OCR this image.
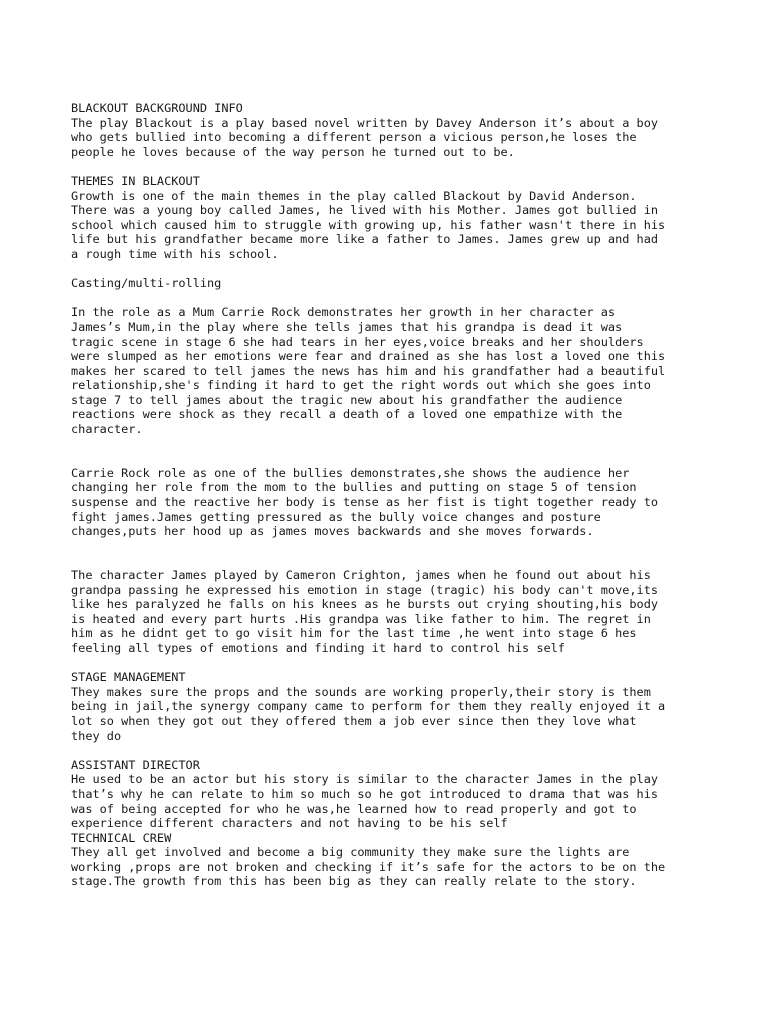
BLACKOUT BACKGROUND INFO

The play Blackout is a play based novel written by Davey Anderson it’s about a boy
who gets bullied into becoming a different person a vicious person,he loses the
people he loves because of the way person he turned out to be.

THEMES IN BLACKOUT

Growth is one of the main themes in the play called Blackout by David Anderson.
There was a young boy called James, he lived with his Mother. James got bullied in
school which caused him to struggle with growing up, his father wasn't there in his
life but his grandfather became more like a father to James. James grew up and had
a rough time with his school.

Casting/multi-rolling

In the role as a Mum Carrie Rock demonstrates her growth in her character as
James’s Mum,in the play where she tells james that his grandpa is dead it was
tragic scene in stage 6 she had tears in her eyes,voice breaks and her shoulders
were slumped as her emotions were fear and drained as she has lost a loved one this
makes her scared to tell james the news has him and his grandfather had a beautiful
relationship,she's finding it hard to get the right words out which she goes into
stage 7 to tell james about the tragic new about his grandfather the audience
reactions were shock as they recall a death of a loved one empathize with the
character.

Carrie Rock role as one of the bullies demonstrates,she shows the audience her
changing her role from the mom to the bullies and putting on stage 5 of tension
suspense and the reactive her body is tense as her fist is tight together ready to
fight james.James getting pressured as the bully voice changes and posture
changes,puts her hood up as james moves backwards and she moves forwards.

The character James played by Cameron Crighton, james when he found out about his
grandpa passing he expressed his emotion in stage (tragic) his body can't move,its
like hes paralyzed he falls on his knees as he bursts out crying shouting,his body
is heated and every part hurts .His grandpa was like father to him. The regret in
him as he didnt get to go visit him for the last time ,he went into stage 6 hes
feeling all types of emotions and finding it hard to control his self

STAGE MANAGEMENT

They makes sure the props and the sounds are working properly,their story is them
being in jail,the synergy company came to perform for them they really enjoyed it a
lot so when they got out they offered them a job ever since then they love what
they do

ASSISTANT DIRECTOR

He used to be an actor but his story is similar to the character James in the play
that’s why he can relate to him so much so he got introduced to drama that was his
was of being accepted for who he was,he learned how to read properly and got to
experience different characters and not having to be his self

TECHNICAL CREW

They all get involved and become a big community they make sure the lights are
working ,props are not broken and checking if it’s safe for the actors to be on the
stage.The growth from this has been big as they can really relate to the story.
